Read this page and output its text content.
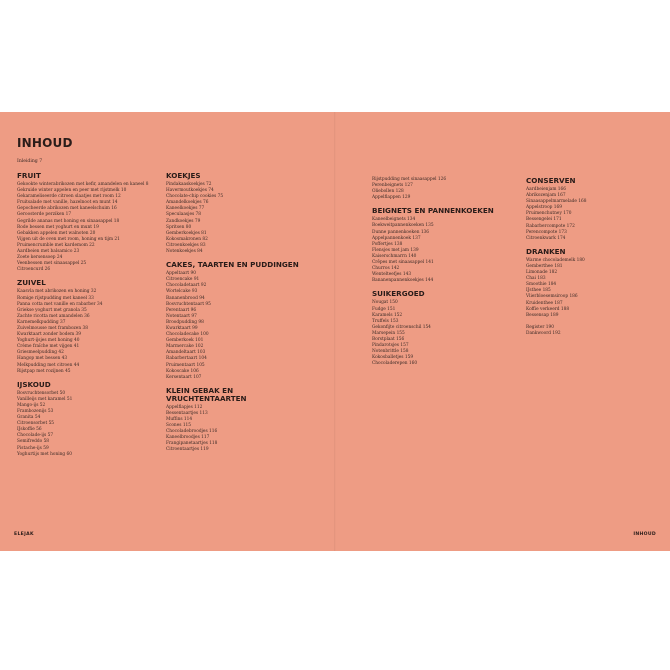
INHOUD
Inleiding 7
FRUIT
Gekookte winterabrikozen met kefir, amandelen en kaneel 8
Gekruide winter appelen en peer met rijstmelk 10
Gekarameliseerde citroen slaatjes met room 12
Fruitsalade met vanille, hazelnoot en munt 14
Gepocheerde abrikozen met kaneelschuim 16
Geroosterde perziken 17
Gegrilde ananas met honing en sinaasappel 18
Rode bessen met yoghurt en munt 19
Gebakken appelen met walnoten 20
Vijgen uit de oven met room, honing en tijm 21
Pruimencrumble met kardemom 22
Aardbeien met balsamico 23
Zoete kersensoep 24
Veenbessen met sinaasappel 25
Citroencurd 26
ZUIVEL
Kaasvla met abrikozen en honing 32
Romige rijstpudding met kaneel 33
Panna cotta met vanille en rabarber 34
Griekse yoghurt met granola 35
Zachte ricotta met amandelen 36
Karnemelkpudding 37
Zuivelmousse met frambozen 38
Kwarktaart zonder bodem 39
Yoghurt-ijsjes met honing 40
Crème fraîche met vijgen 41
Griesmeelpudding 42
Hangop met bessen 43
Melkpudding met citroen 44
Rijstpap met rozijnen 45
IJSKOUD
Bosvruchtensorbet 50
Vanilleijs met karamel 51
Mango-ijs 52
Frambozenijs 53
Granita 54
Citroensorbet 55
IJskoffie 56
Chocolade-ijs 57
Semifreddo 58
Pistache-ijs 59
Yoghurtijs met honing 60
KOEKJES
Pindakaaskoekjes 72
Havermoutkoekjes 74
Chocolate-chip cookies 75
Amandelkoekjes 76
Kaneelkoekjes 77
Speculaasjes 78
Zandkoekjes 79
Spritsen 80
Gemberkoekjes 81
Kokosmakronen 82
Citroenkoekjes 83
Notenkoekjes 84
CAKES, TAARTEN EN PUDDINGEN
Appeltaart 90
Citroencake 91
Chocoladetaart 92
Wortelcake 93
Bananenbrood 94
Bosvruchtentaart 95
Perentaart 96
Notentaart 97
Broodpudding 98
Kwarktaart 99
Chocoladecake 100
Gemberkoek 101
Marmercake 102
Amandeltaart 103
Rabarbertaart 104
Pruimentaart 105
Kokoscake 106
Kersentaart 107
KLEIN GEBAK EN VRUCHTENTAARTEN
Appelflapjes 112
Bessentaartjes 113
Muffins 114
Scones 115
Chocoladebroodjes 116
Kaneelbroodjes 117
Frangipanetaartjes 118
Citroentaartjes 119
Rijstpudding met sinaasappel 126
Perenbeignets 127
Oliebollen 128
Appelflappen 129
BEIGNETS EN PANNENKOEKEN
Kaneelbeignets 134
Boekweitpannenkoeken 135
Dunne pannenkoeken 136
Appelpannenkoek 137
Poffertjes 138
Flensjes met jam 139
Kaiserschmarrn 140
Crêpes met sinaasappel 141
Churros 142
Wentelteefjes 143
Bananenpannenkoekjes 144
SUIKERGOED
Nougat 150
Fudge 151
Karamels 152
Truffels 153
Gekonfijte citroenschil 154
Marsepein 155
Borstplaat 156
Pindarotsjes 157
Notenbrittle 158
Kokosballetjes 159
Chocoladerepen 160
CONSERVEN
Aardbeienjam 166
Abrikozenjam 167
Sinaasappelmarmelade 168
Appelstroop 169
Pruimenchutney 170
Bessengelei 171
Rabarbercompote 172
Perencompote 173
Citroenkwark 174
DRANKEN
Warme chocolademelk 180
Gemberthee 181
Limonade 182
Chai 183
Smoothie 184
IJsthee 185
Vlierbloesemsiroop 186
Kruidenthee 187
Koffie verkeerd 188
Bessensap 189
Register 190
Dankwoord 192
ELEJAK	INHOUD
